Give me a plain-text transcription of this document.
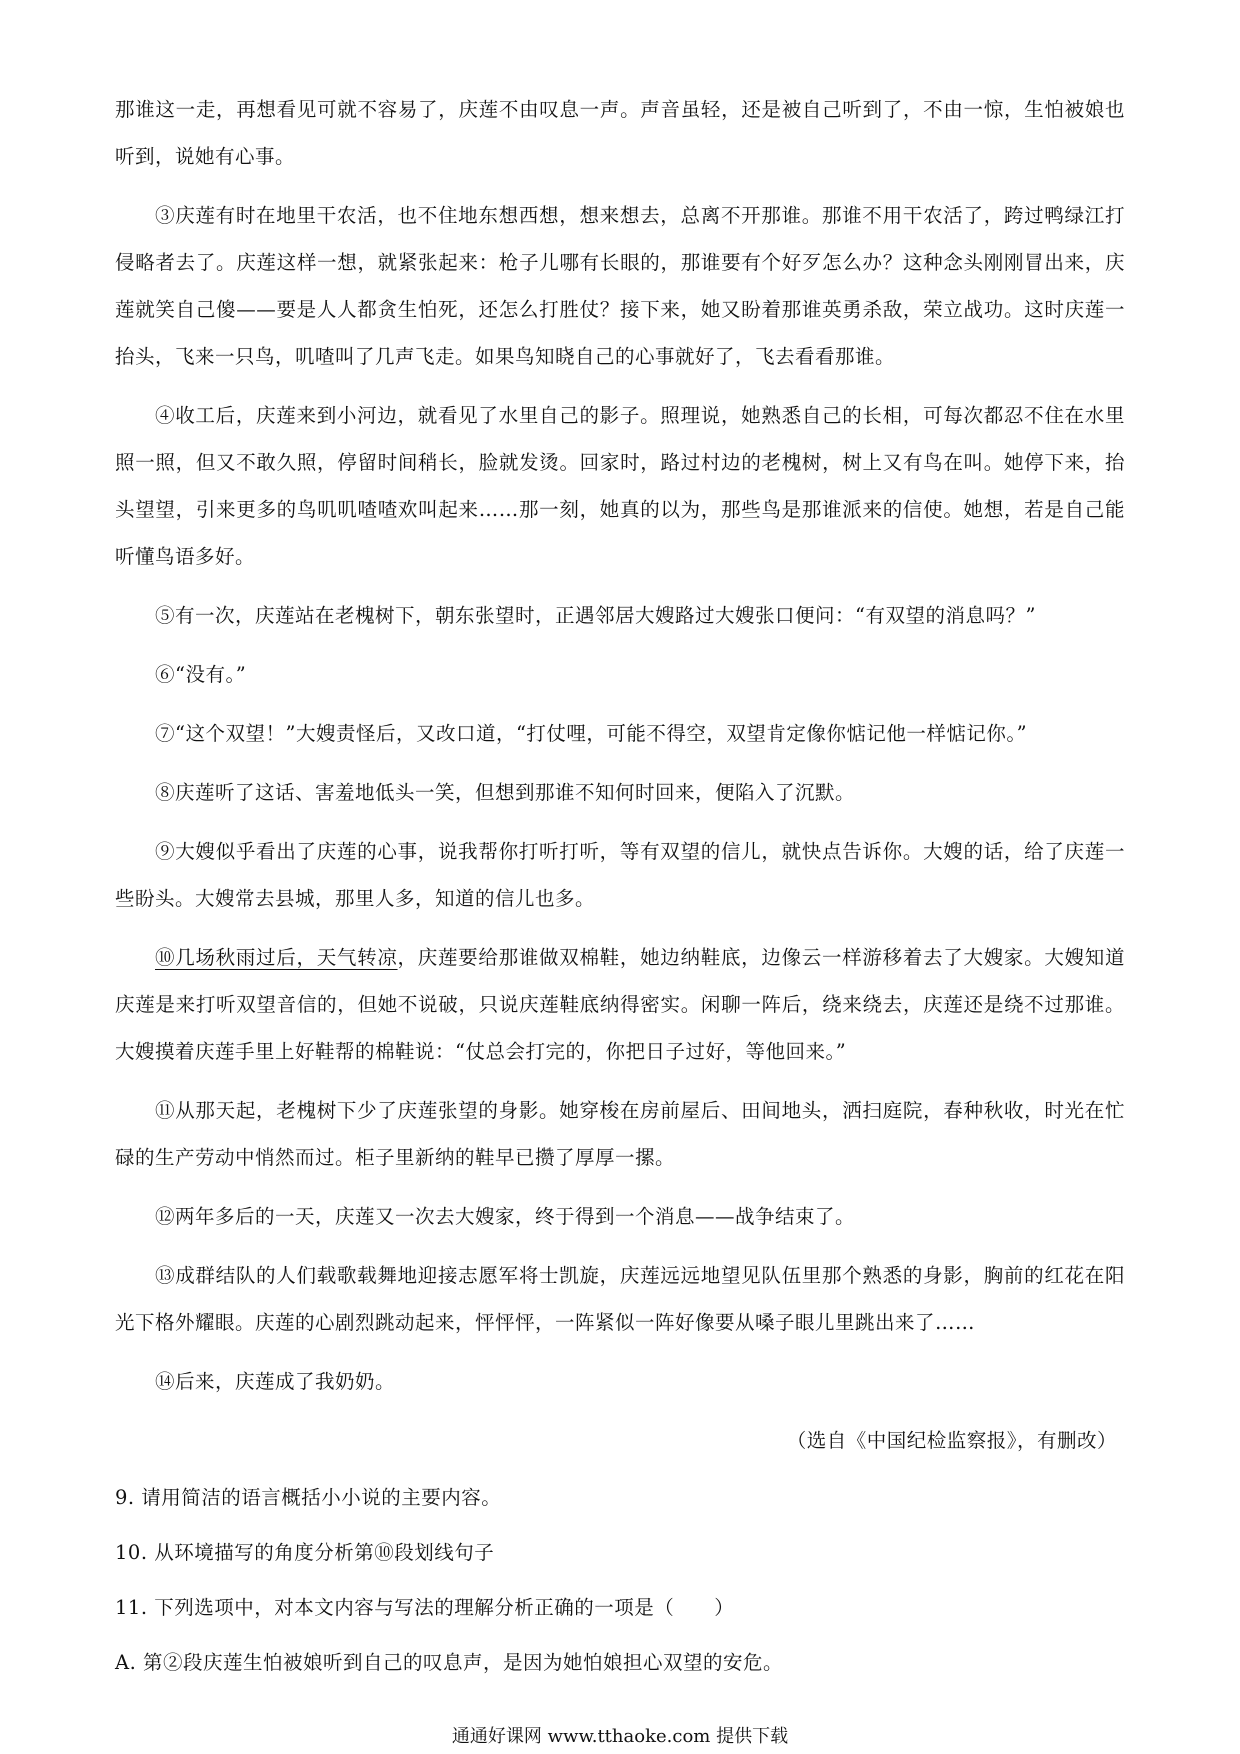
那谁这一走，再想看见可就不容易了，庆莲不由叹息一声。声音虽轻，还是被自己听到了，不由一惊，生怕被娘也听到，说她有心事。

③庆莲有时在地里干农活，也不住地东想西想，想来想去，总离不开那谁。那谁不用干农活了，跨过鸭绿江打侵略者去了。庆莲这样一想，就紧张起来：枪子儿哪有长眼的，那谁要有个好歹怎么办？这种念头刚刚冒出来，庆莲就笑自己傻——要是人人都贪生怕死，还怎么打胜仗？接下来，她又盼着那谁英勇杀敌，荣立战功。这时庆莲一抬头，飞来一只鸟，叽喳叫了几声飞走。如果鸟知晓自己的心事就好了，飞去看看那谁。

④收工后，庆莲来到小河边，就看见了水里自己的影子。照理说，她熟悉自己的长相，可每次都忍不住在水里照一照，但又不敢久照，停留时间稍长，脸就发烫。回家时，路过村边的老槐树，树上又有鸟在叫。她停下来，抬头望望，引来更多的鸟叽叽喳喳欢叫起来……那一刻，她真的以为，那些鸟是那谁派来的信使。她想，若是自己能听懂鸟语多好。

⑤有一次，庆莲站在老槐树下，朝东张望时，正遇邻居大嫂路过大嫂张口便问：“有双望的消息吗？”

⑥“没有。”

⑦“这个双望！”大嫂责怪后，又改口道，“打仗哩，可能不得空，双望肯定像你惦记他一样惦记你。”

⑧庆莲听了这话、害羞地低头一笑，但想到那谁不知何时回来，便陷入了沉默。

⑨大嫂似乎看出了庆莲的心事，说我帮你打听打听，等有双望的信儿，就快点告诉你。大嫂的话，给了庆莲一些盼头。大嫂常去县城，那里人多，知道的信儿也多。

⑩几场秋雨过后，天气转凉，庆莲要给那谁做双棉鞋，她边纳鞋底，边像云一样游移着去了大嫂家。大嫂知道庆莲是来打听双望音信的，但她不说破，只说庆莲鞋底纳得密实。闲聊一阵后，绕来绕去，庆莲还是绕不过那谁。大嫂摸着庆莲手里上好鞋帮的棉鞋说：“仗总会打完的，你把日子过好，等他回来。”

⑪从那天起，老槐树下少了庆莲张望的身影。她穿梭在房前屋后、田间地头，洒扫庭院，春种秋收，时光在忙碌的生产劳动中悄然而过。柜子里新纳的鞋早已攒了厚厚一摞。

⑫两年多后的一天，庆莲又一次去大嫂家，终于得到一个消息——战争结束了。

⑬成群结队的人们载歌载舞地迎接志愿军将士凯旋，庆莲远远地望见队伍里那个熟悉的身影，胸前的红花在阳光下格外耀眼。庆莲的心剧烈跳动起来，怦怦怦，一阵紧似一阵好像要从嗓子眼儿里跳出来了……

⑭后来，庆莲成了我奶奶。

（选自《中国纪检监察报》，有删改）

9. 请用简洁的语言概括小小说的主要内容。

10. 从环境描写的角度分析第⑩段划线句子

11. 下列选项中，对本文内容与写法的理解分析正确的一项是（　　）

A. 第②段庆莲生怕被娘听到自己的叹息声，是因为她怕娘担心双望的安危。

通通好课网 www.tthaoke.com 提供下载
